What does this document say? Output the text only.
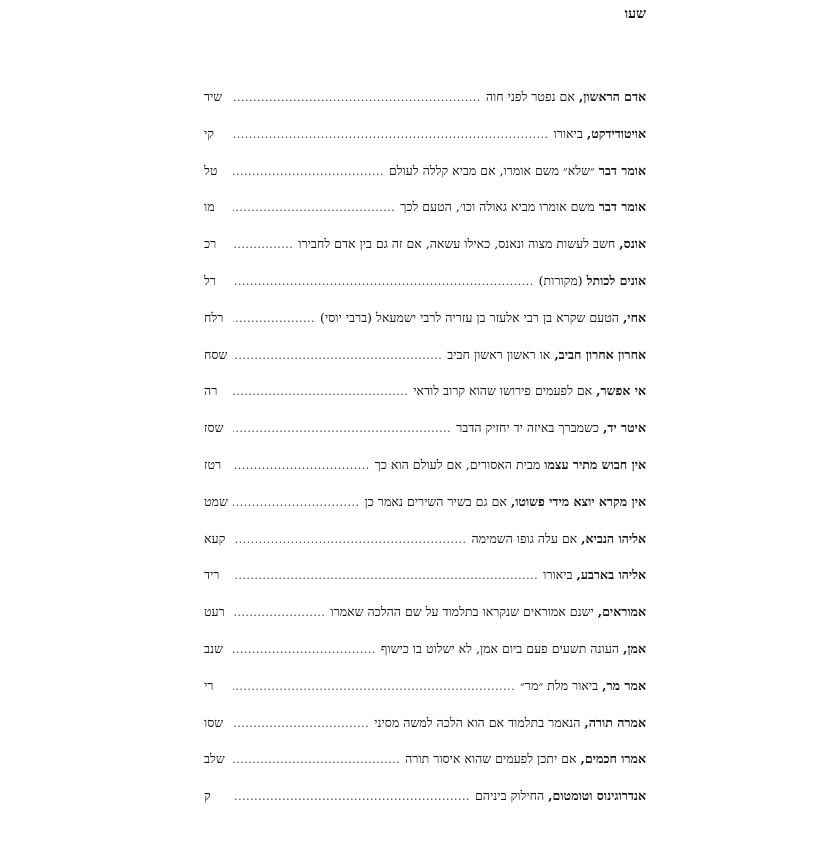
שעו
אדם הראשון,

אם נפטר לפני חוה
.....
שיד
אויטודידקט,

ביאורו
.....
קי
אומר דבר

״שלא״ משם אומרו, אם מביא קללה לעולם
.....
טל
אומר דבר

משם אומרו מביא גאולה וכו׳, הטעם לכך
.....
מו
אונס,

חשב לעשות מצוה ונאנס, כאילו עשאה, אם זה גם בין אדם לחבירו
.....
רכ
אונים לכותל

(מקורות)
.....
רל
אחי,

הטעם שקרא בן רבי אלעזר בן עזריה לרבי ישמעאל (ברבי יוסי)
.....
רלח
אחרון אחרון חביב,

או ראשון ראשון חביב
.....
שסח
אי אפשר,

אם לפעמים פירושו שהוא קרוב לודאי
.....
רה
איטר יד,

כשמברך באיזה יד יחזיק הדבר
.....
שסז
אין חבוש מתיר עצמו

מבית האסורים, אם לעולם הוא כך
.....
רטז
אין מקרא יוצא מידי פשוטו,

אם גם בשיר השירים נאמר כן
.....
שמט
אליהו הנביא,

אם עלה גופו השמימה
.....
קעא
אליהו בארבע,

ביאורו
.....
ריד
אמוראים,

ישנם אמוראים שנקראו בתלמוד על שם ההלכה שאמרו
.....
רעט
אמן,

העונה תשעים פעם ביום אמן, לא ישלוט בו כישוף
.....
שנב
אמר מר,

ביאור מלת ״מר״
.....
רי
אמרה תורה,

הנאמר בתלמוד אם הוא הלכה למשה מסיני
.....
שסו
אמרו חכמים,

אם יתכן לפעמים שהוא איסור תורה
.....
שלב
אנדרוגינוס וטומטום,

החילוק ביניהם
.....
ק
